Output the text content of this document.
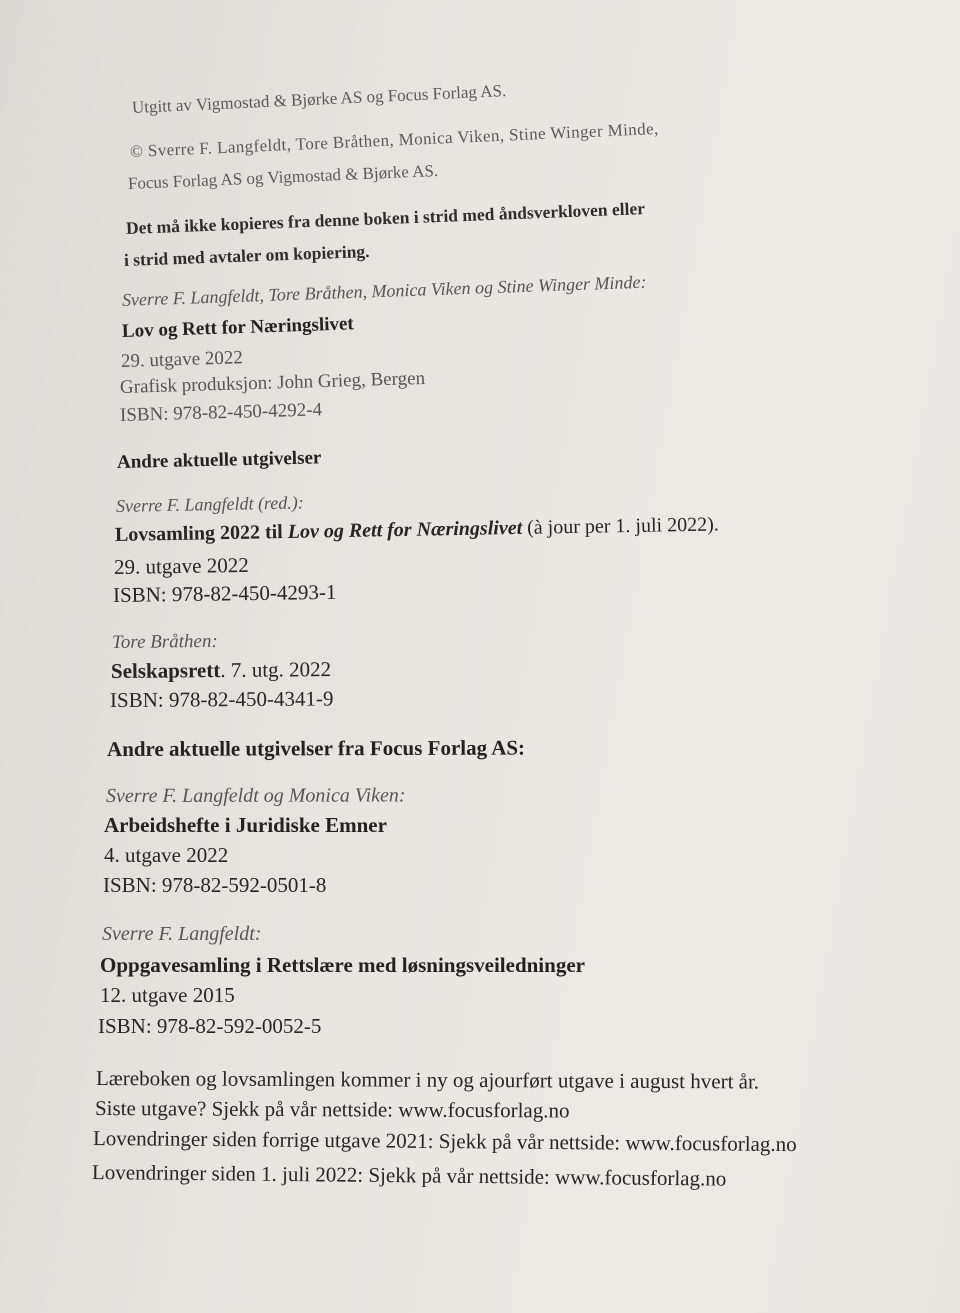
Utgitt av Vigmostad & Bjørke AS og Focus Forlag AS.
© Sverre F. Langfeldt, Tore Bråthen, Monica Viken, Stine Winger Minde,
Focus Forlag AS og Vigmostad & Bjørke AS.
Det må ikke kopieres fra denne boken i strid med åndsverkloven eller
i strid med avtaler om kopiering.
Sverre F. Langfeldt, Tore Bråthen, Monica Viken og Stine Winger Minde:
Lov og Rett for Næringslivet
29. utgave 2022
Grafisk produksjon: John Grieg, Bergen
ISBN: 978-82-450-4292-4
Andre aktuelle utgivelser
Sverre F. Langfeldt (red.):
Lovsamling 2022 til Lov og Rett for Næringslivet (à jour per 1. juli 2022).
29. utgave 2022
ISBN: 978-82-450-4293-1
Tore Bråthen:
Selskapsrett. 7. utg. 2022
ISBN: 978-82-450-4341-9
Andre aktuelle utgivelser fra Focus Forlag AS:
Sverre F. Langfeldt og Monica Viken:
Arbeidshefte i Juridiske Emner
4. utgave 2022
ISBN: 978-82-592-0501-8
Sverre F. Langfeldt:
Oppgavesamling i Rettslære med løsningsveiledninger
12. utgave 2015
ISBN: 978-82-592-0052-5
Læreboken og lovsamlingen kommer i ny og ajourført utgave i august hvert år.
Siste utgave? Sjekk på vår nettside: www.focusforlag.no
Lovendringer siden forrige utgave 2021: Sjekk på vår nettside: www.focusforlag.no
Lovendringer siden 1. juli 2022: Sjekk på vår nettside: www.focusforlag.no
